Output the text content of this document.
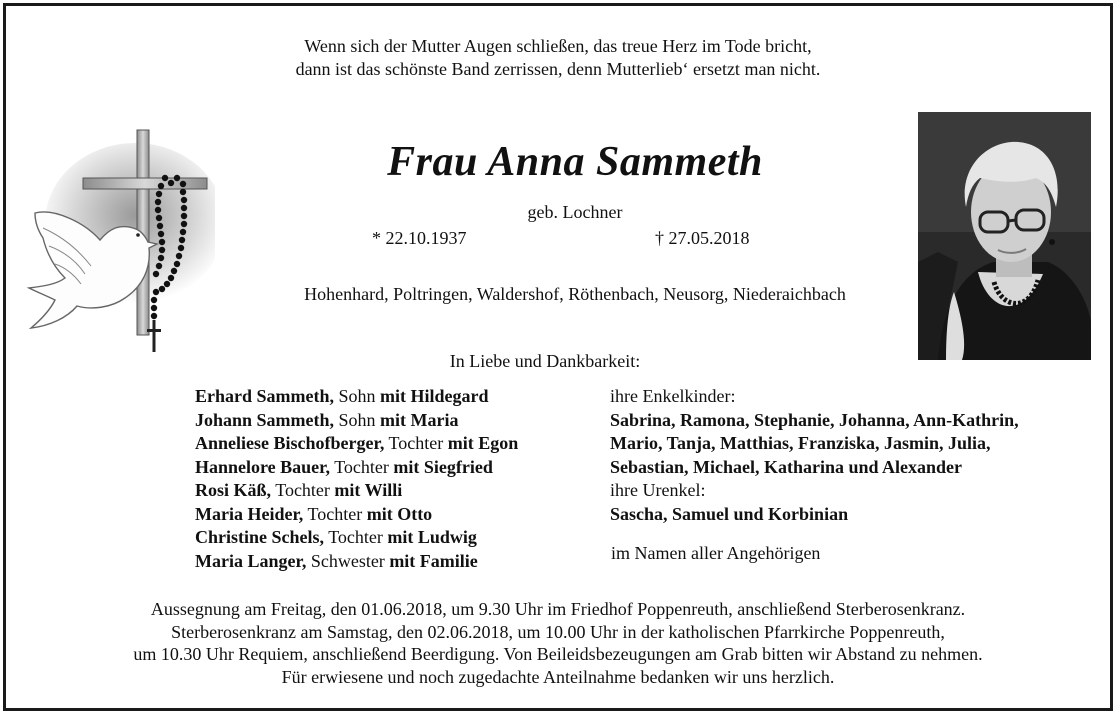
Wenn sich der Mutter Augen schließen, das treue Herz im Tode bricht,
dann ist das schönste Band zerrissen, denn Mutterlieb‘ ersetzt man nicht.
Frau Anna Sammeth
geb. Lochner
* 22.10.1937	† 27.05.2018
Hohenhard, Poltringen, Waldershof, Röthenbach, Neusorg, Niederaichbach
In Liebe und Dankbarkeit:
Erhard Sammeth, Sohn mit Hildegard
Johann Sammeth, Sohn mit Maria
Anneliese Bischofberger, Tochter mit Egon
Hannelore Bauer, Tochter mit Siegfried
Rosi Käß, Tochter mit Willi
Maria Heider, Tochter mit Otto
Christine Schels, Tochter mit Ludwig
Maria Langer, Schwester mit Familie
ihre Enkelkinder:
Sabrina, Ramona, Stephanie, Johanna, Ann-Kathrin,
Mario, Tanja, Matthias, Franziska, Jasmin, Julia,
Sebastian, Michael, Katharina und Alexander
ihre Urenkel:
Sascha, Samuel und Korbinian
im Namen aller Angehörigen
Aussegnung am Freitag, den 01.06.2018, um 9.30 Uhr im Friedhof Poppenreuth, anschließend Sterberosenkranz.
Sterberosenkranz am Samstag, den 02.06.2018, um 10.00 Uhr in der katholischen Pfarrkirche Poppenreuth,
um 10.30 Uhr Requiem, anschließend Beerdigung. Von Beileidsbezeugungen am Grab bitten wir Abstand zu nehmen.
Für erwiesene und noch zugedachte Anteilnahme bedanken wir uns herzlich.
